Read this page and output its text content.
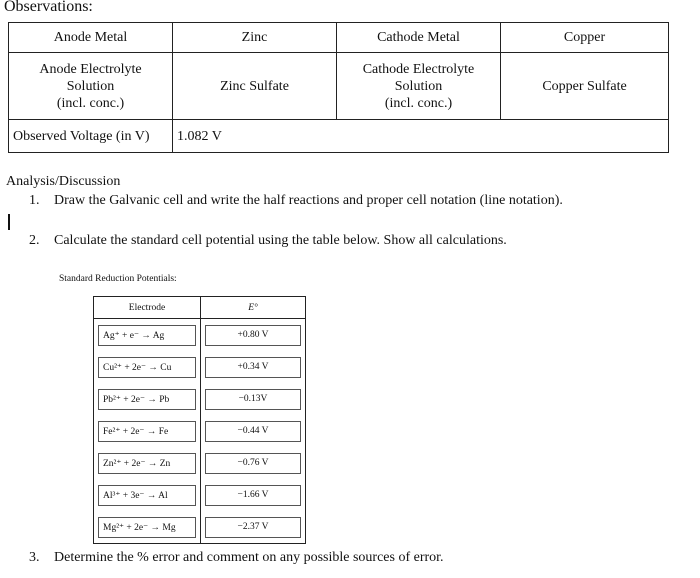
Observations:
Anode Metal	Zinc	Cathode Metal	Copper

Anode Electrolyte
Solution
(incl. conc.)	Zinc Sulfate	Cathode Electrolyte
Solution
(incl. conc.)	Copper Sulfate
Observed Voltage (in V)	1.082 V		
Analysis/Discussion
1. Draw the Galvanic cell and write the half reactions and proper cell notation (line notation).
2. Calculate the standard cell potential using the table below. Show all calculations.
Standard Reduction Potentials:
Electrode	E°

Ag⁺ + e⁻ → Ag	+0.80 V

Cu²⁺ + 2e⁻ → Cu	+0.34 V

Pb²⁺ + 2e⁻ → Pb	−0.13V

Fe²⁺ + 2e⁻ → Fe	−0.44 V

Zn²⁺ + 2e⁻ → Zn	−0.76 V

Al³⁺ + 3e⁻ → Al	−1.66 V

Mg²⁺ + 2e⁻ → Mg	−2.37 V
3. Determine the % error and comment on any possible sources of error.
